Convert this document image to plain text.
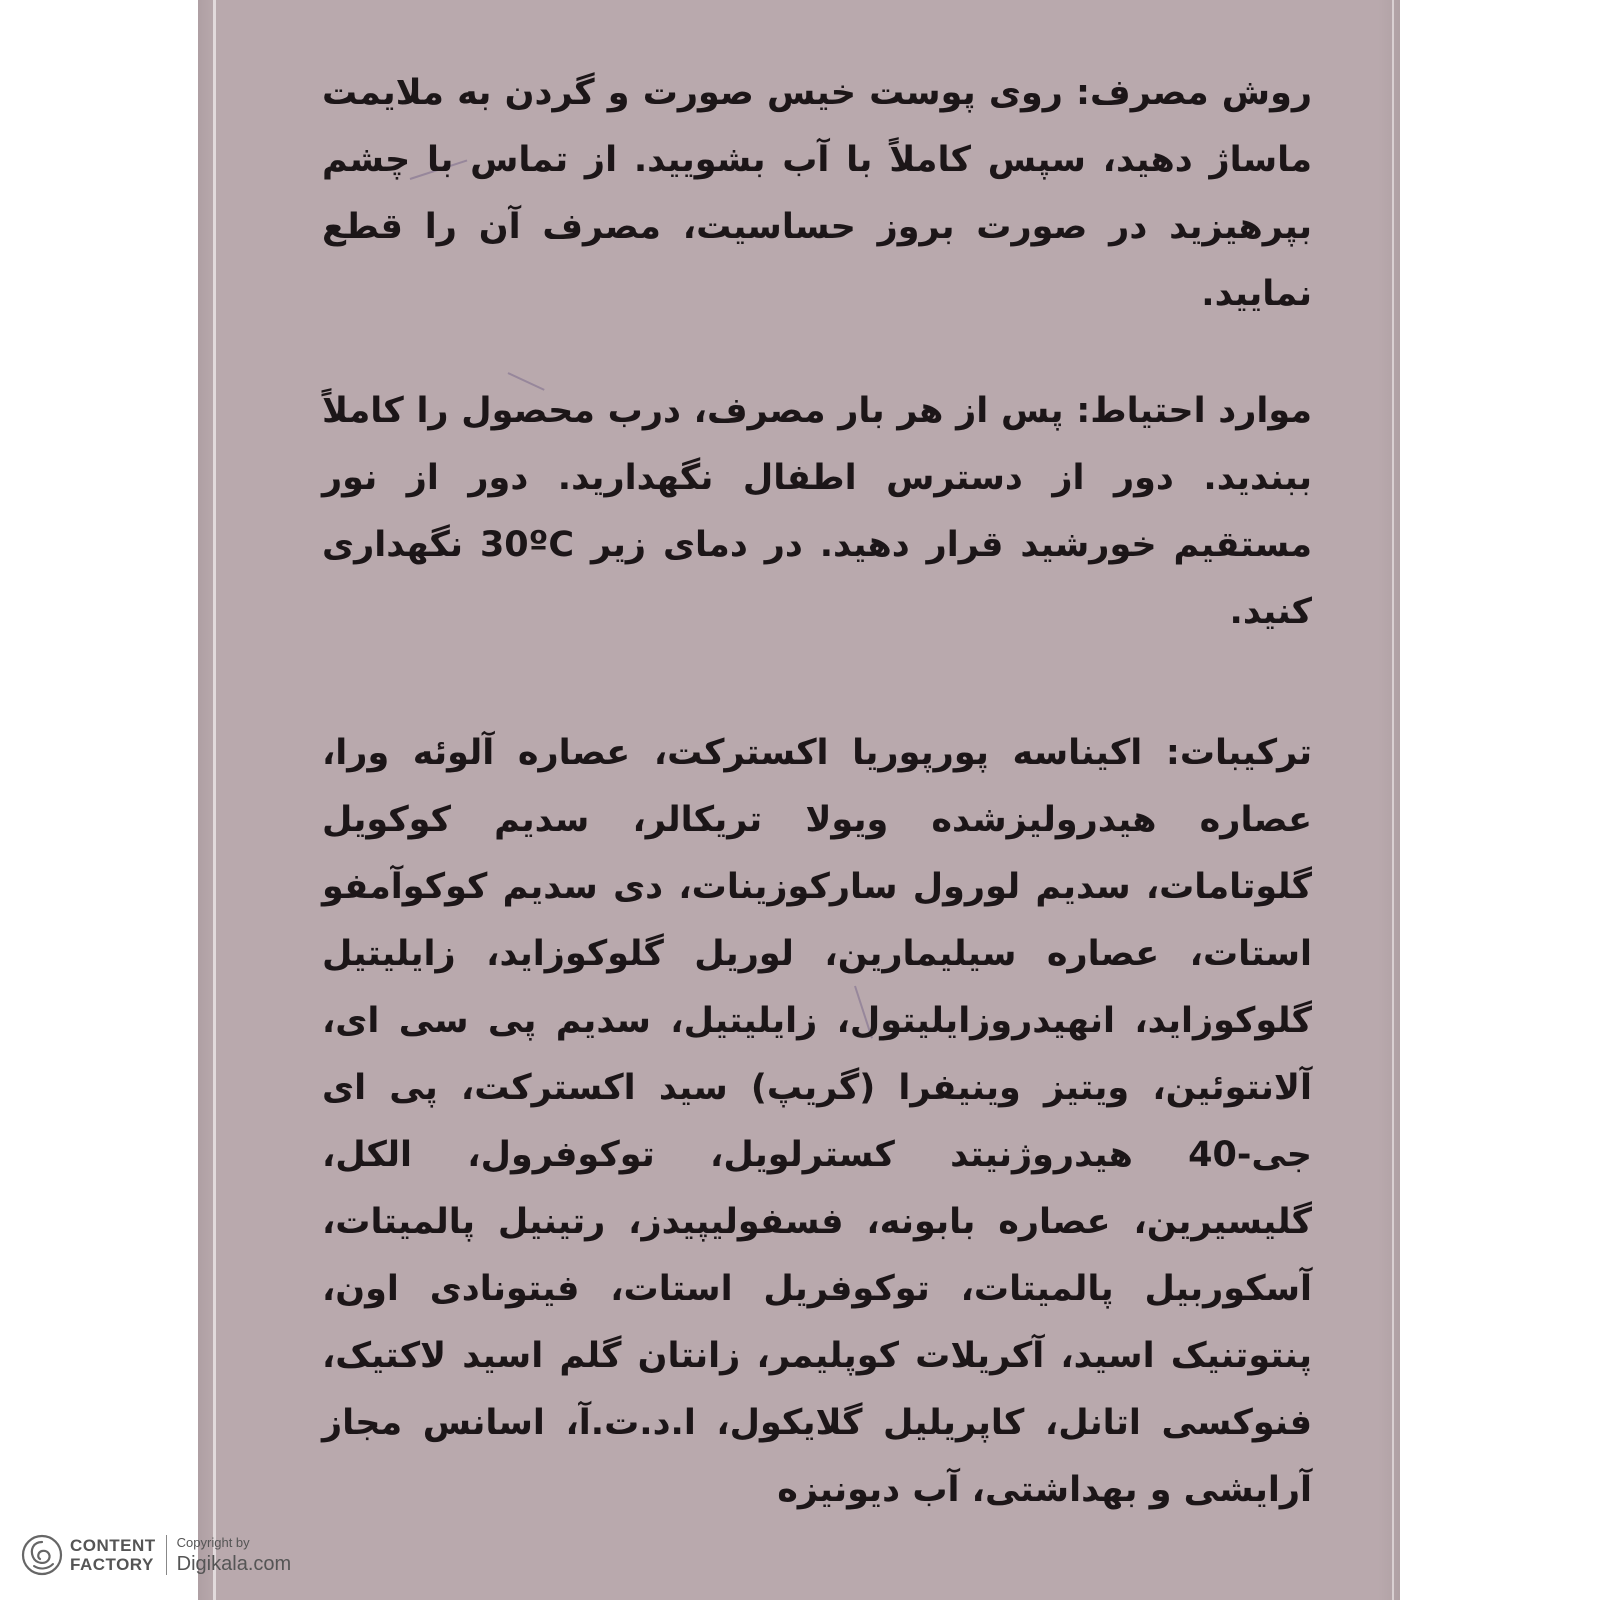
روش مصرف: روی پوست خیس صورت و گردن به ملایمت ماساژ دهید، سپس کاملاً با آب بشویید. از تماس با چشم بپرهیزید در صورت بروز حساسیت، مصرف آن را قطع نمایید.

موارد احتیاط: پس از هر بار مصرف، درب محصول را کاملاً ببندید. دور از دسترس اطفال نگهدارید. دور از نور مستقیم خورشید قرار دهید. در دمای زیر 30ºC نگهداری کنید.

ترکیبات: اکیناسه پورپوریا اکسترکت، عصاره آلوئه ورا، عصاره هیدرولیزشده ویولا تریکالر، سدیم کوکویل گلوتامات، سدیم لورول سارکوزینات، دی سدیم کوکوآمفو استات، عصاره سیلیمارین، لوریل گلوکوزاید، زایلیتیل گلوکوزاید، انهیدروزایلیتول، زایلیتیل، سدیم پی سی ای، آلانتوئین، ویتیز وینیفرا (گریپ) سید اکسترکت، پی ای جی-40 هیدروژنیتد کسترلویل، توکوفرول، الکل، گلیسیرین، عصاره بابونه، فسفولیپیدز، رتینیل پالمیتات، آسکوربیل پالمیتات، توکوفریل استات، فیتونادی اون، پنتوتنیک اسید، آکریلات کوپلیمر، زانتان گلم اسید لاکتیک، فنوکسی اتانل، کاپریلیل گلایکول، ا.د.ت.آ، اسانس مجاز آرایشی و بهداشتی، آب دیونیزه

CONTENT
FACTORY
Copyright by
Digikala.com
